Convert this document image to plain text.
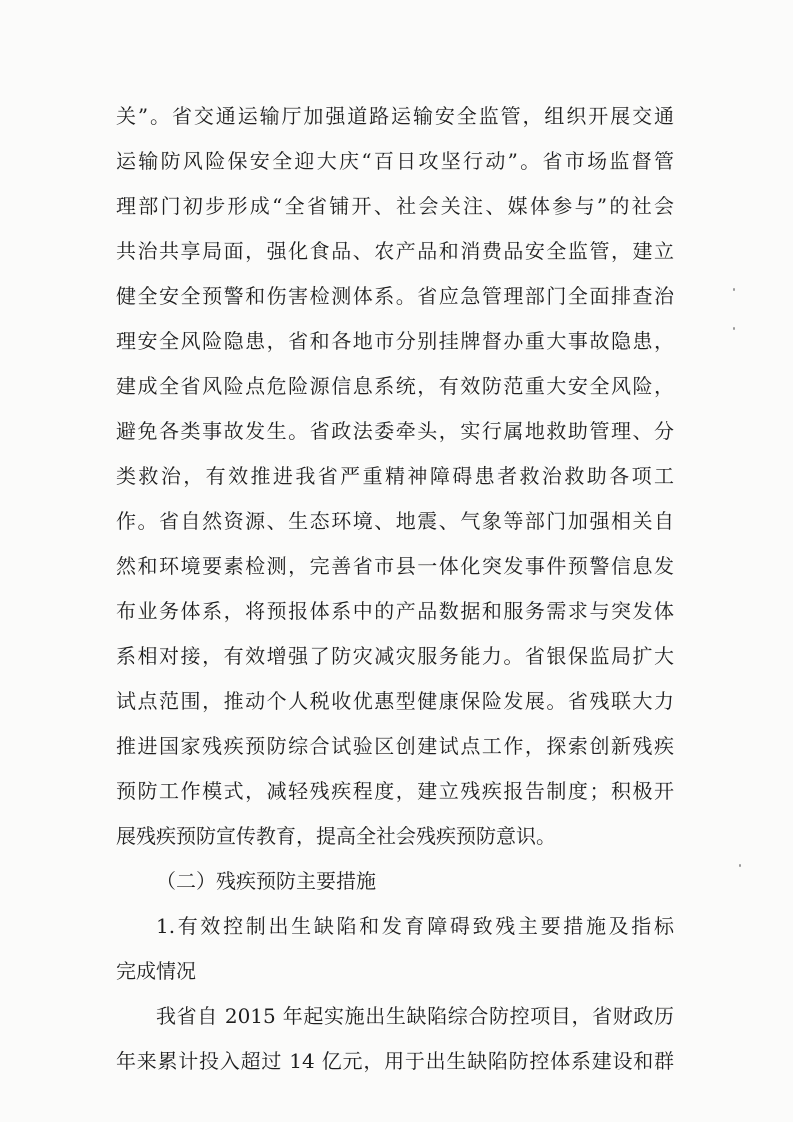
关”。省交通运输厅加强道路运输安全监管，组织开展交通
运输防风险保安全迎大庆“百日攻坚行动”。省市场监督管
理部门初步形成“全省铺开、社会关注、媒体参与”的社会
共治共享局面，强化食品、农产品和消费品安全监管，建立
健全安全预警和伤害检测体系。省应急管理部门全面排查治
理安全风险隐患，省和各地市分别挂牌督办重大事故隐患，
建成全省风险点危险源信息系统，有效防范重大安全风险，
避免各类事故发生。省政法委牵头，实行属地救助管理、分
类救治，有效推进我省严重精神障碍患者救治救助各项工
作。省自然资源、生态环境、地震、气象等部门加强相关自
然和环境要素检测，完善省市县一体化突发事件预警信息发
布业务体系，将预报体系中的产品数据和服务需求与突发体
系相对接，有效增强了防灾减灾服务能力。省银保监局扩大
试点范围，推动个人税收优惠型健康保险发展。省残联大力
推进国家残疾预防综合试验区创建试点工作，探索创新残疾
预防工作模式，减轻残疾程度，建立残疾报告制度；积极开
展残疾预防宣传教育，提高全社会残疾预防意识。
（二）残疾预防主要措施
1.有效控制出生缺陷和发育障碍致残主要措施及指标
完成情况
我省自 2015 年起实施出生缺陷综合防控项目，省财政历
年来累计投入超过 14 亿元，用于出生缺陷防控体系建设和群
